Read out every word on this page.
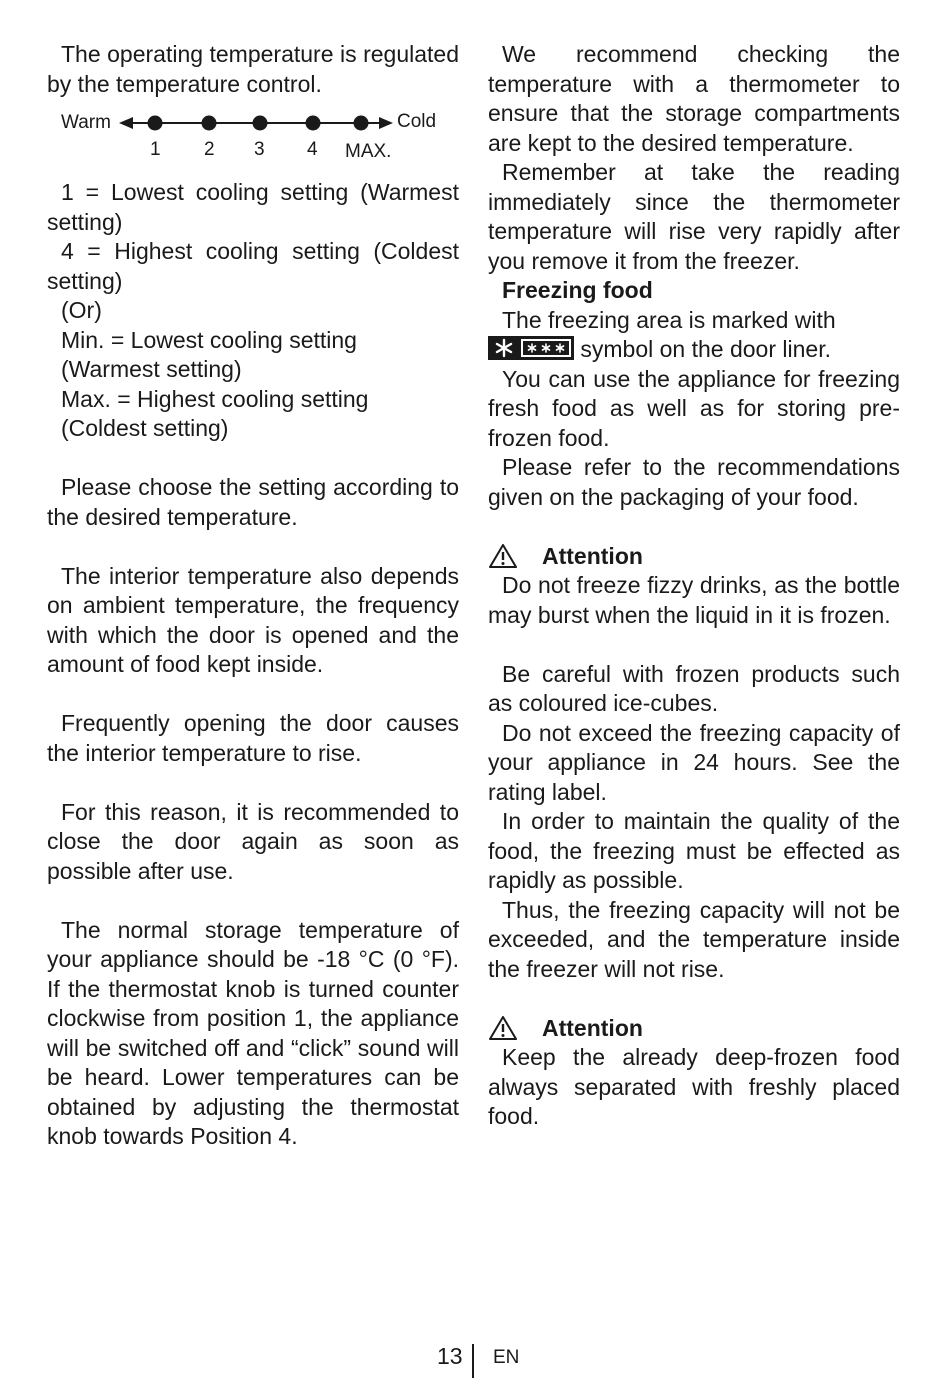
The operating temperature is regulated by the temperature control.

Warm	Cold
1 2 3 4 MAX.

1 = Lowest cooling setting (Warmest setting)

4 = Highest cooling setting (Coldest setting)

(Or)

Min. = Lowest cooling setting

(Warmest setting)

Max. = Highest cooling setting

(Coldest setting)

Please choose the setting according to the desired temperature.

The interior temperature also depends on ambient temperature, the frequency with which the door is opened and the amount of food kept inside.

Frequently opening the door causes the interior temperature to rise.

For this reason, it is recommended to close the door again as soon as possible after use.

The normal storage temperature of your appliance should be -18 °C (0 °F). If the thermostat knob is turned counter clockwise from position 1, the appliance will be switched off and “click” sound will be heard. Lower temperatures can be obtained by adjusting the thermostat knob towards Position 4.

We recommend checking the temperature with a thermometer to ensure that the storage compartments are kept to the desired temperature.

Remember at take the reading immediately since the thermometer temperature will rise very rapidly after you remove it from the freezer.

Freezing food

The freezing area is marked with

symbol on the door liner.

You can use the appliance for freezing fresh food as well as for storing pre-frozen food.

Please refer to the recommendations given on the packaging of your food.

Attention

Do not freeze fizzy drinks, as the bottle may burst when the liquid in it is frozen.

Be careful with frozen products such as coloured ice-cubes.

Do not exceed the freezing capacity of your appliance in 24 hours. See the rating label.

In order to maintain the quality of the food, the freezing must be effected as rapidly as possible.

Thus, the freezing capacity will not be exceeded, and the temperature inside the freezer will not rise.

Attention

Keep the already deep-frozen food always separated with freshly placed food.

13 EN
